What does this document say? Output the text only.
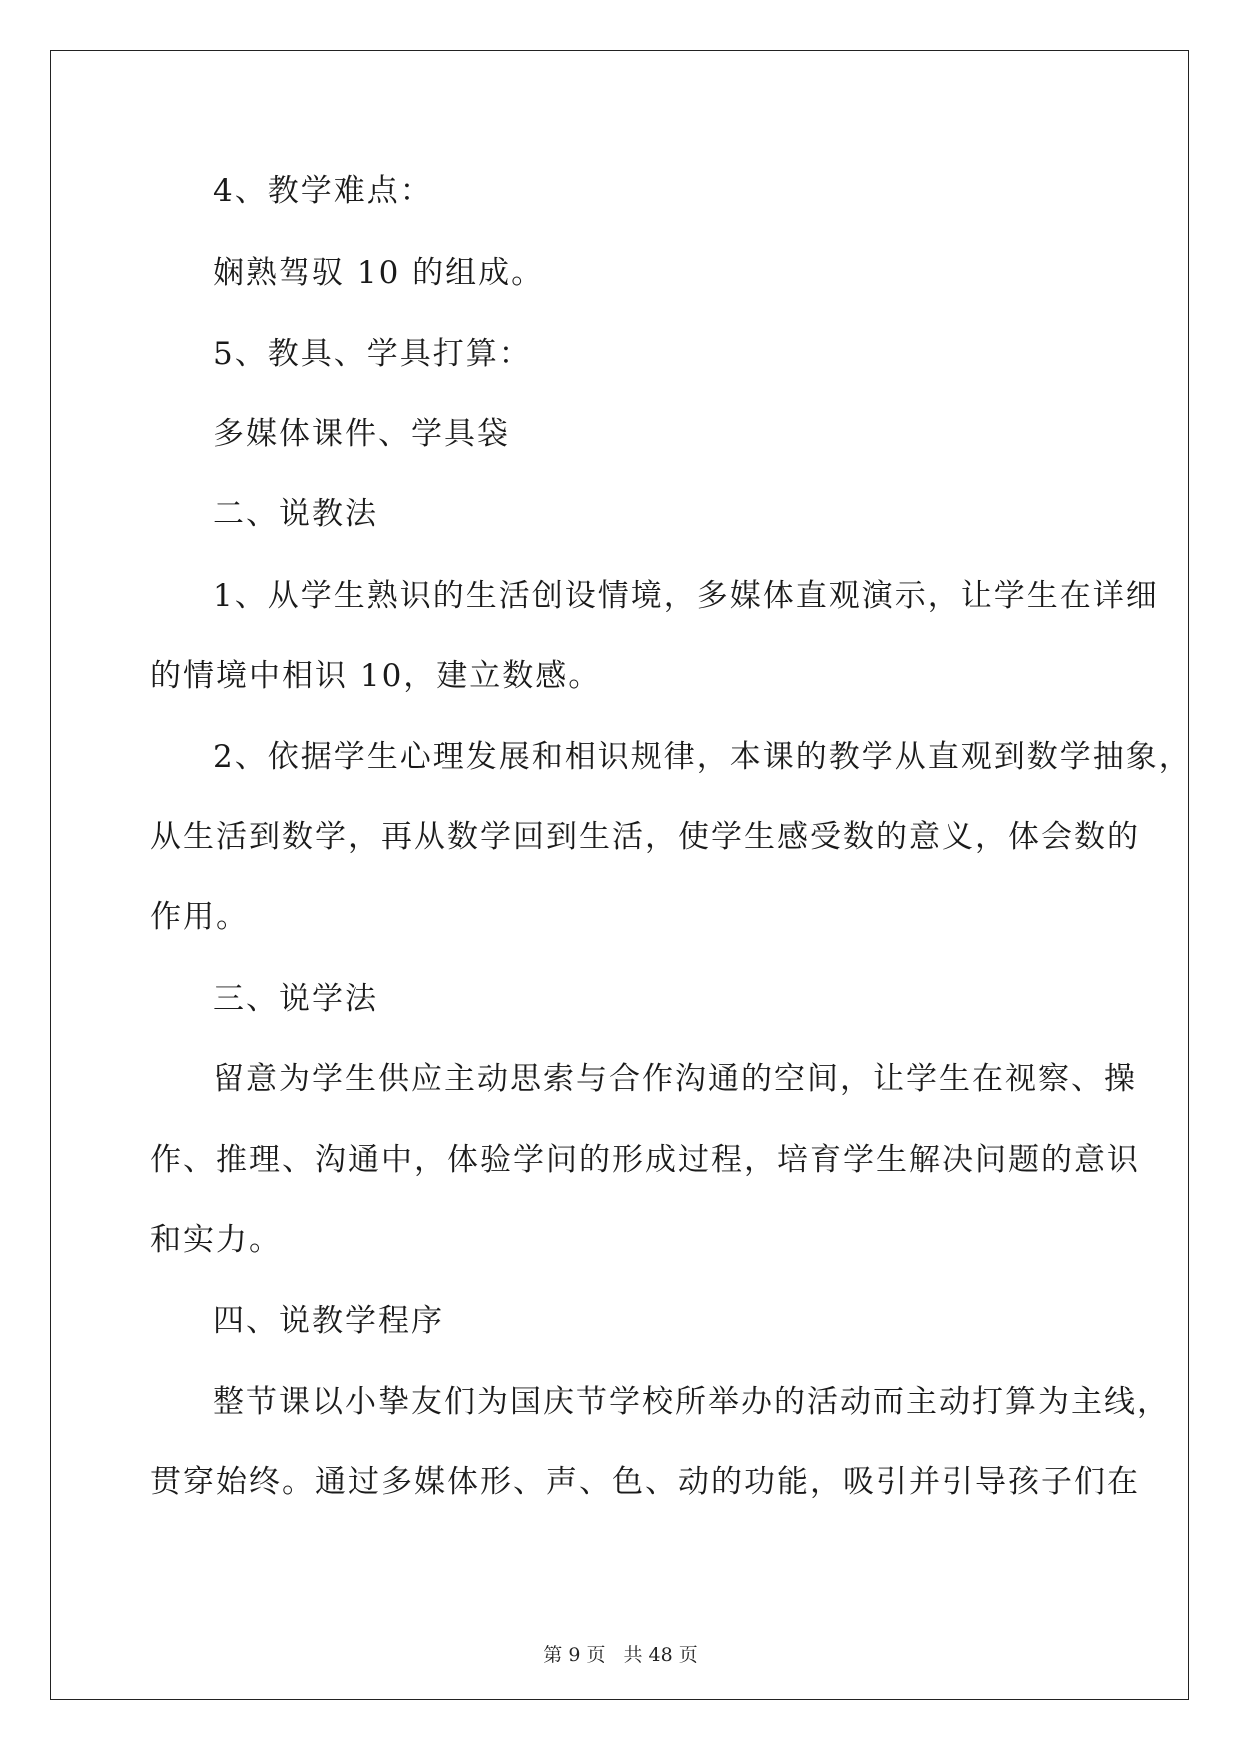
4、教学难点：
娴熟驾驭 10 的组成。
5、教具、学具打算：
多媒体课件、学具袋
二、说教法
1、从学生熟识的生活创设情境，多媒体直观演示，让学生在详细
的情境中相识 10，建立数感。
2、依据学生心理发展和相识规律，本课的教学从直观到数学抽象，
从生活到数学，再从数学回到生活，使学生感受数的意义，体会数的
作用。
三、说学法
留意为学生供应主动思索与合作沟通的空间，让学生在视察、操
作、推理、沟通中，体验学问的形成过程，培育学生解决问题的意识
和实力。
四、说教学程序
整节课以小挚友们为国庆节学校所举办的活动而主动打算为主线，
贯穿始终。通过多媒体形、声、色、动的功能，吸引并引导孩子们在
第 9 页 共 48 页
